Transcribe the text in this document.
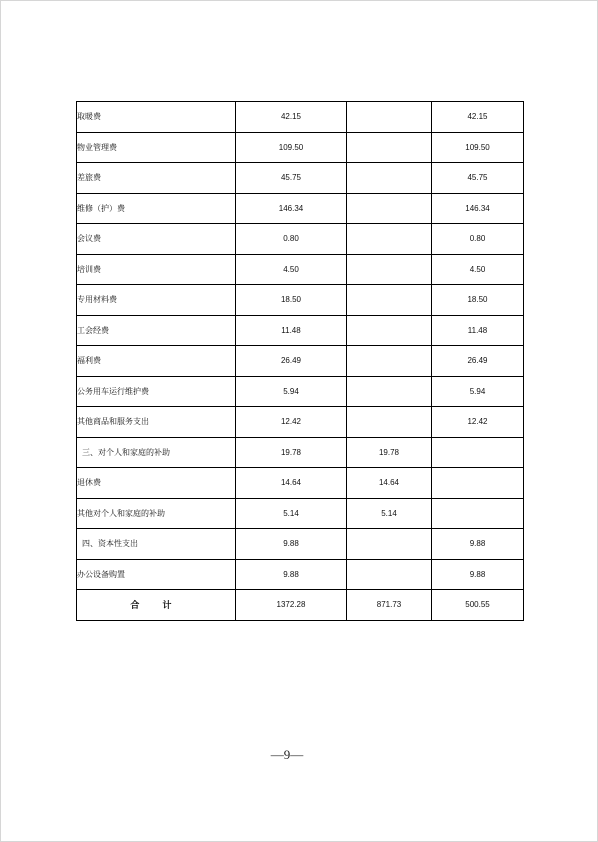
取暖费	42.15		42.15
物业管理费	109.50		109.50
差旅费	45.75		45.75
维修（护）费	146.34		146.34
会议费	0.80		0.80
培训费	4.50		4.50
专用材料费	18.50		18.50
工会经费	11.48		11.48
福利费	26.49		26.49
公务用车运行维护费	5.94		5.94
其他商品和服务支出	12.42		12.42
三、对个人和家庭的补助	19.78	19.78	
退休费	14.64	14.64	
其他对个人和家庭的补助	5.14	5.14	
四、资本性支出	9.88		9.88
办公设备购置	9.88		9.88
合 计	1372.28	871.73	500.55
—9—
